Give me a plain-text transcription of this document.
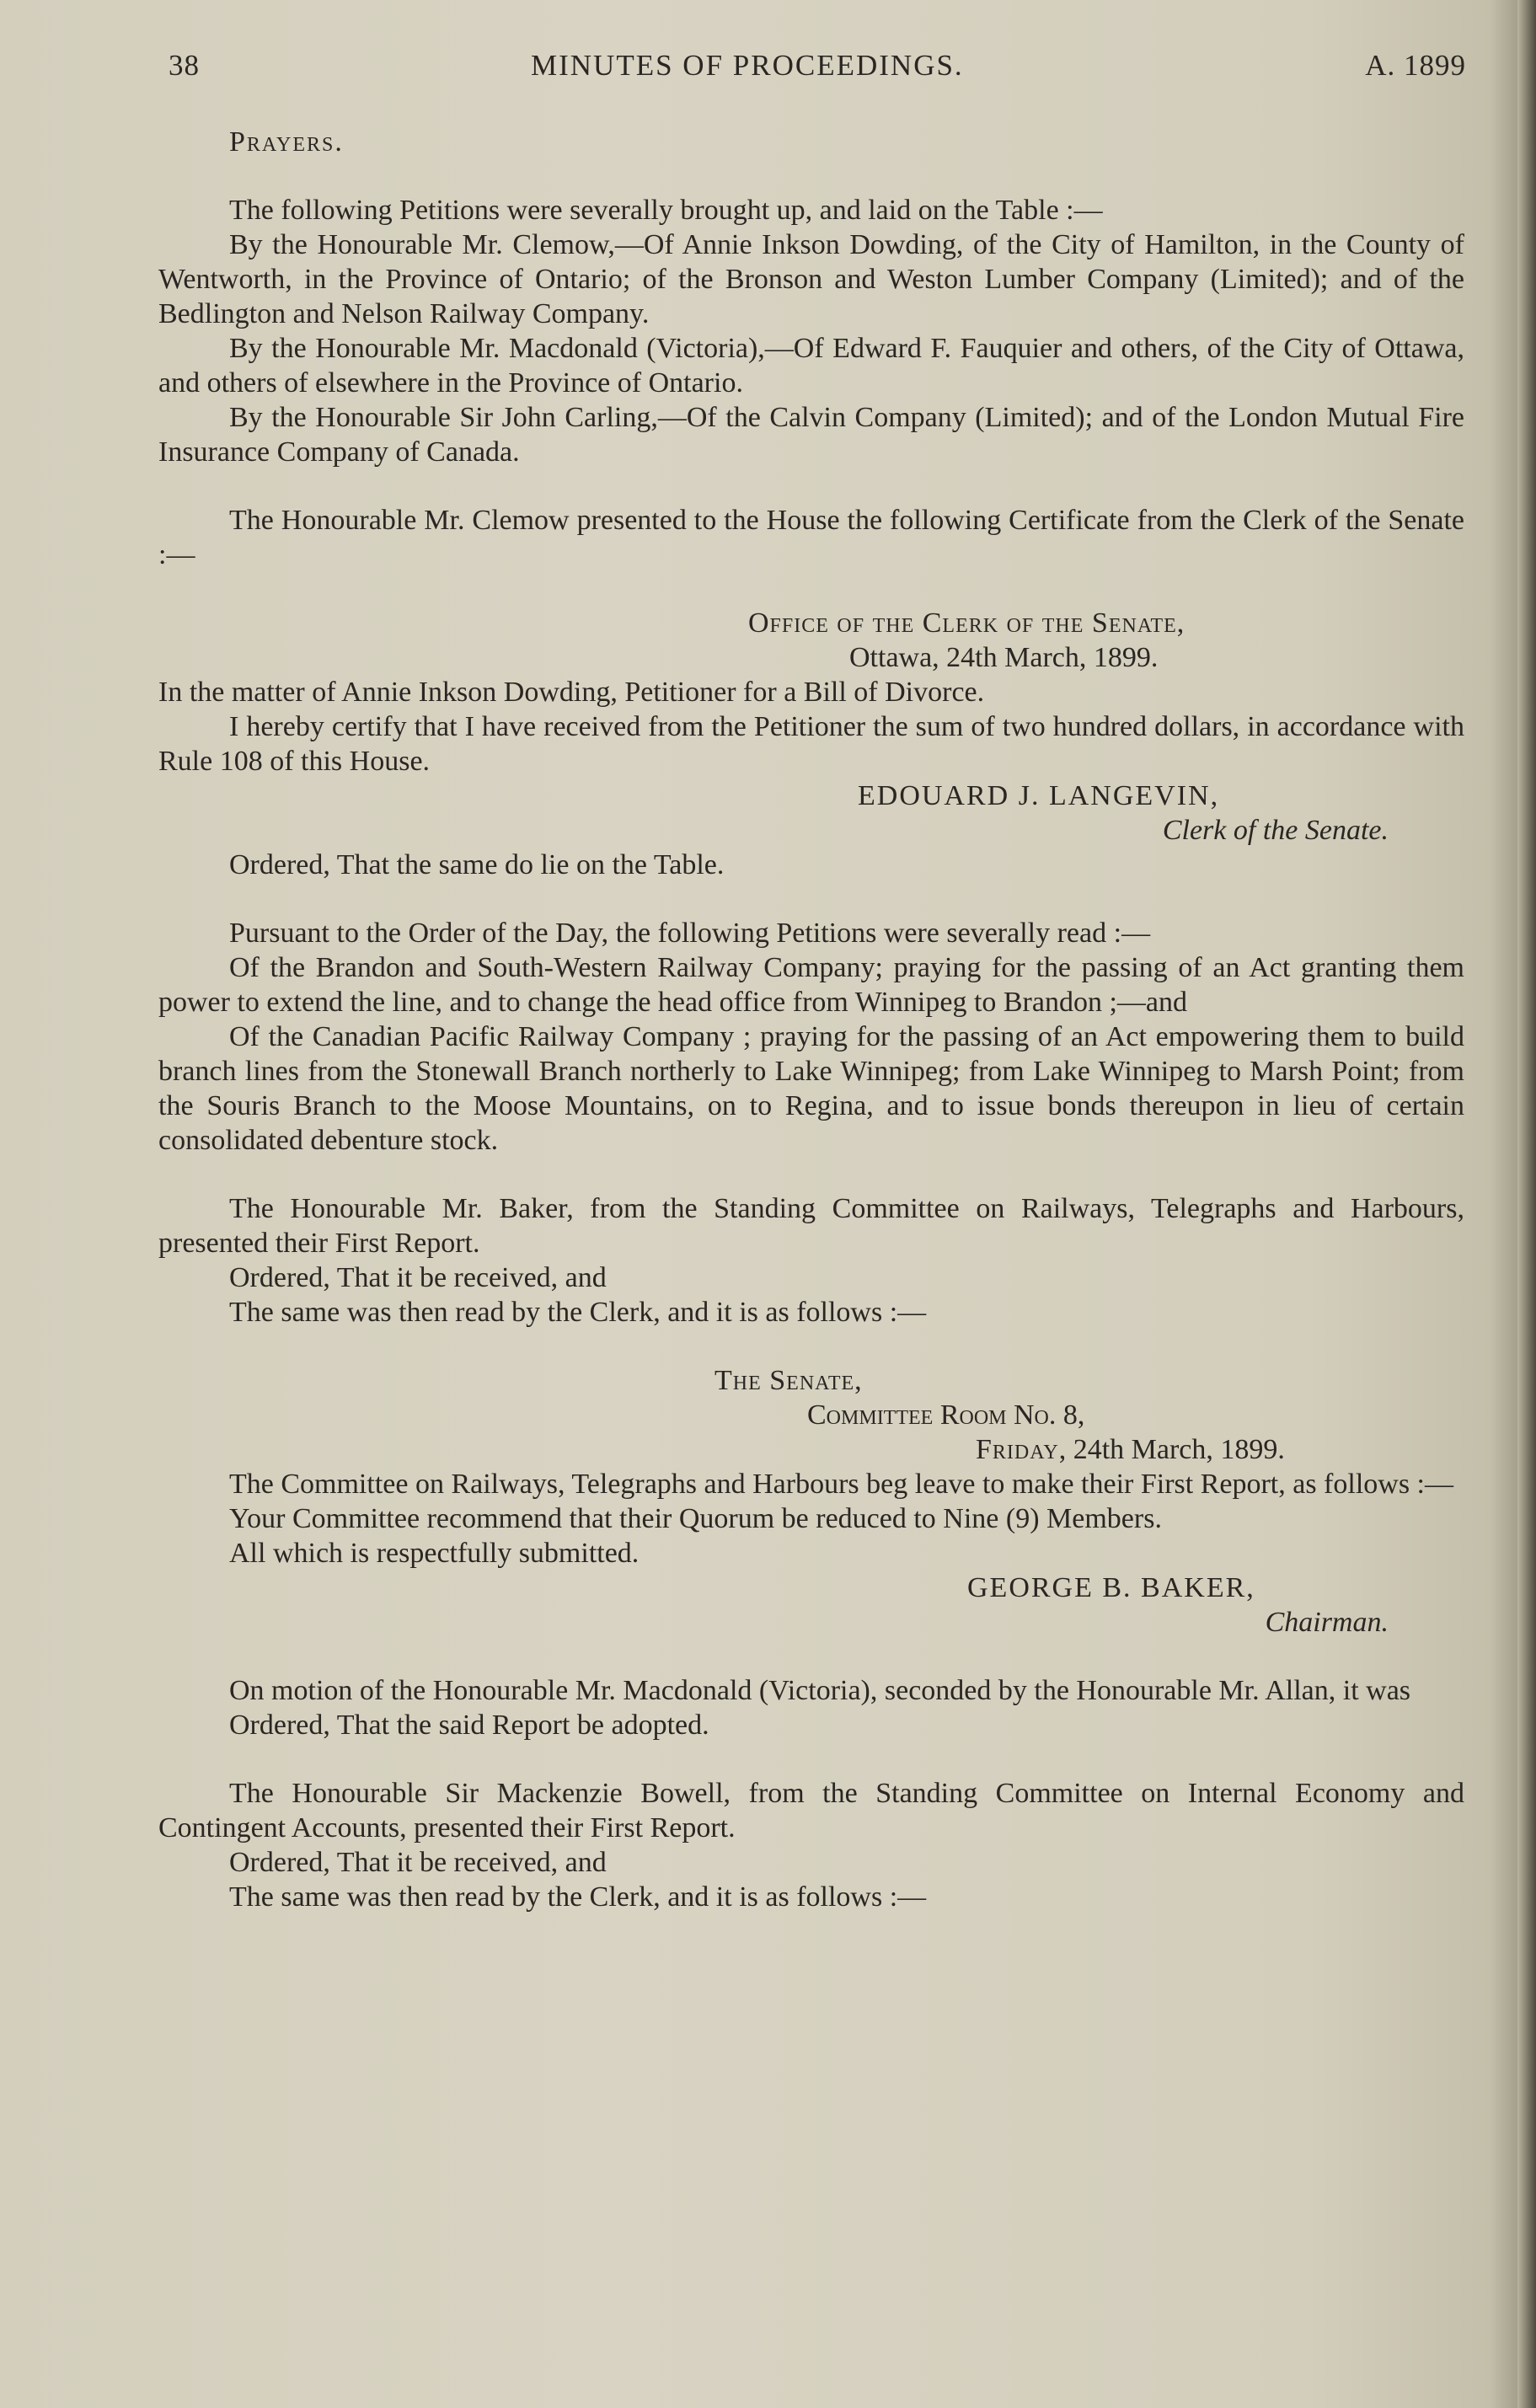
38	MINUTES OF PROCEEDINGS.	A. 1899

Prayers.

The following Petitions were severally brought up, and laid on the Table :—

By the Honourable Mr. Clemow,—Of Annie Inkson Dowding, of the City of Hamilton, in the County of Wentworth, in the Province of Ontario; of the Bronson and Weston Lumber Company (Limited); and of the Bedlington and Nelson Railway Company.

By the Honourable Mr. Macdonald (Victoria),—Of Edward F. Fauquier and others, of the City of Ottawa, and others of elsewhere in the Province of Ontario.

By the Honourable Sir John Carling,—Of the Calvin Company (Limited); and of the London Mutual Fire Insurance Company of Canada.

The Honourable Mr. Clemow presented to the House the following Certificate from the Clerk of the Senate :—

Office of the Clerk of the Senate,

Ottawa, 24th March, 1899.

In the matter of Annie Inkson Dowding, Petitioner for a Bill of Divorce.

I hereby certify that I have received from the Petitioner the sum of two hundred dollars, in accordance with Rule 108 of this House.

EDOUARD J. LANGEVIN,

Clerk of the Senate.

Ordered, That the same do lie on the Table.

Pursuant to the Order of the Day, the following Petitions were severally read :—

Of the Brandon and South-Western Railway Company; praying for the passing of an Act granting them power to extend the line, and to change the head office from Winnipeg to Brandon ;—and

Of the Canadian Pacific Railway Company ; praying for the passing of an Act empowering them to build branch lines from the Stonewall Branch northerly to Lake Winnipeg; from Lake Winnipeg to Marsh Point; from the Souris Branch to the Moose Mountains, on to Regina, and to issue bonds thereupon in lieu of certain consolidated debenture stock.

The Honourable Mr. Baker, from the Standing Committee on Railways, Telegraphs and Harbours, presented their First Report.

Ordered, That it be received, and

The same was then read by the Clerk, and it is as follows :—

The Senate,

Committee Room No. 8,

Friday, 24th March, 1899.

The Committee on Railways, Telegraphs and Harbours beg leave to make their First Report, as follows :—

Your Committee recommend that their Quorum be reduced to Nine (9) Members.

All which is respectfully submitted.

GEORGE B. BAKER,

Chairman.

On motion of the Honourable Mr. Macdonald (Victoria), seconded by the Honourable Mr. Allan, it was

Ordered, That the said Report be adopted.

The Honourable Sir Mackenzie Bowell, from the Standing Committee on Internal Economy and Contingent Accounts, presented their First Report.

Ordered, That it be received, and

The same was then read by the Clerk, and it is as follows :—
